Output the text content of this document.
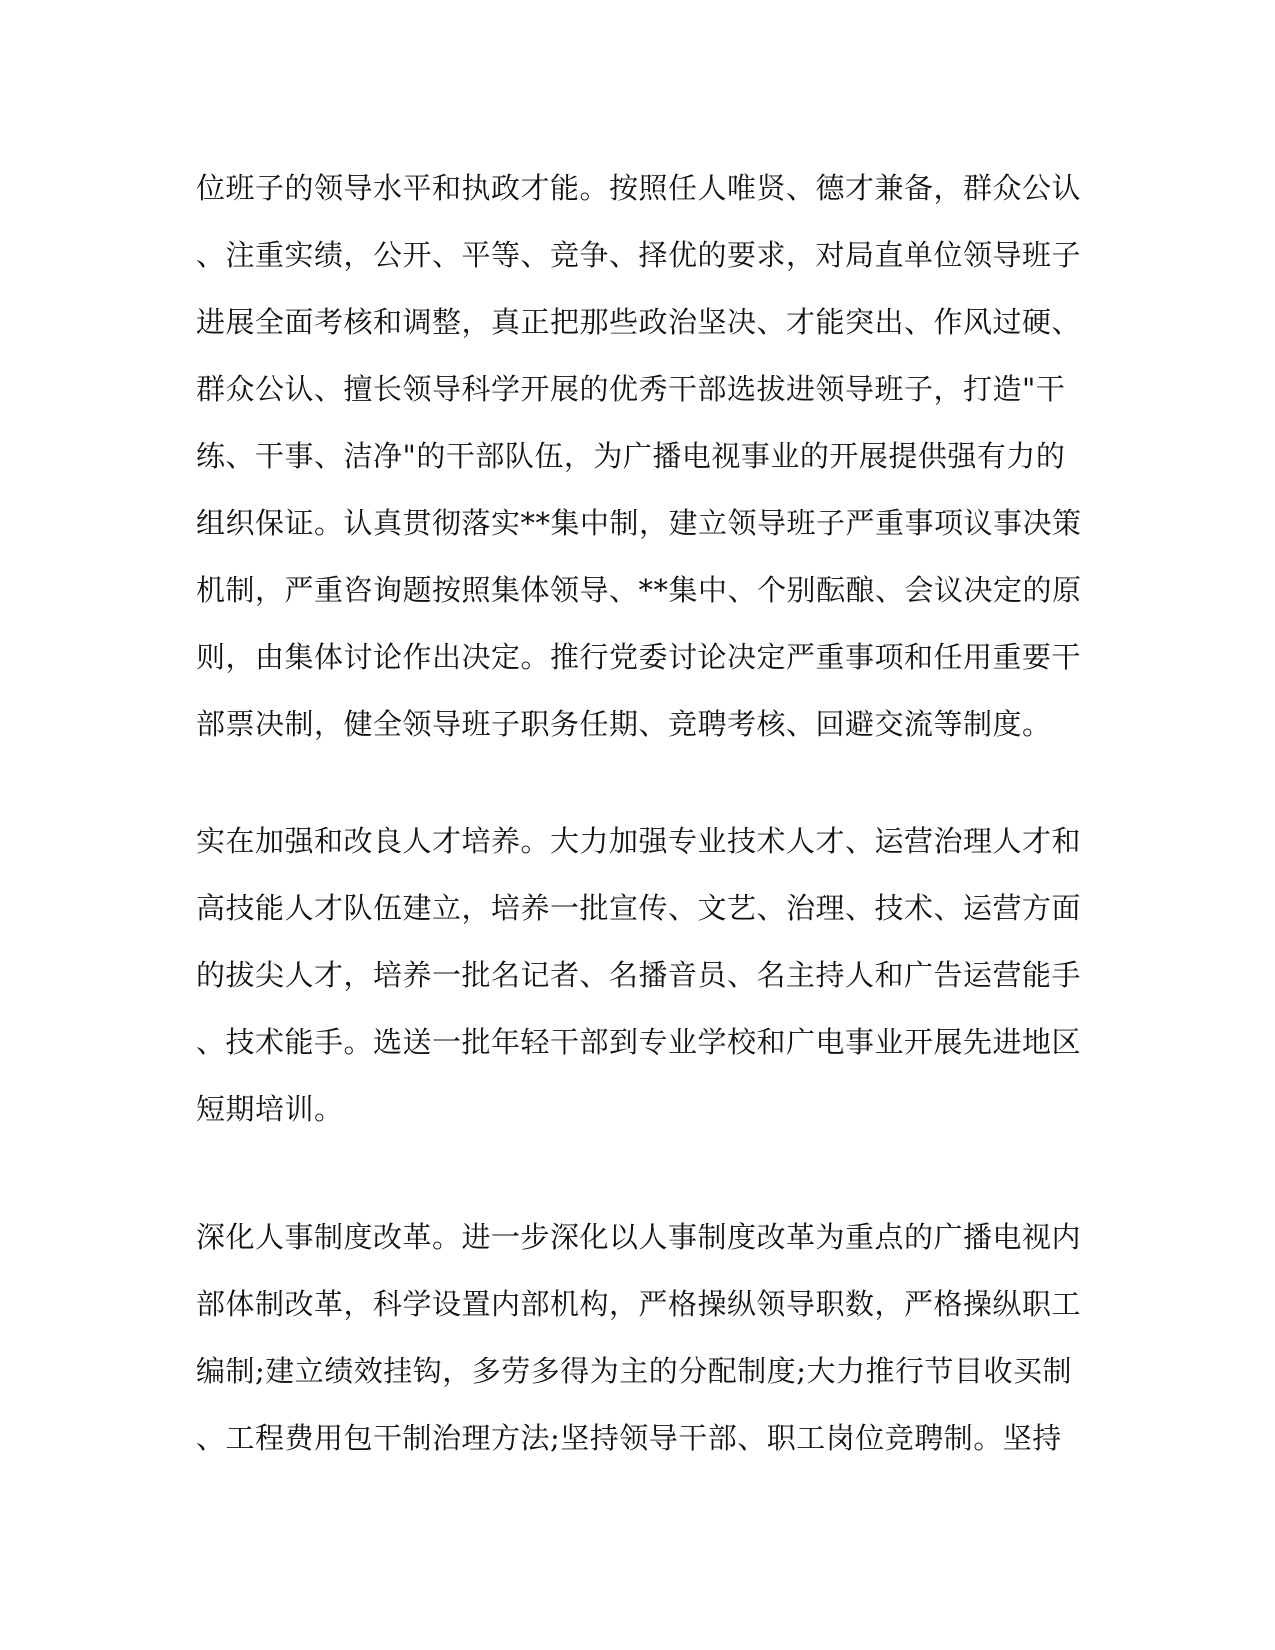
位班子的领导水平和执政才能。按照任人唯贤、德才兼备，群众公认
、注重实绩，公开、平等、竞争、择优的要求，对局直单位领导班子
进展全面考核和调整，真正把那些政治坚决、才能突出、作风过硬、
群众公认、擅长领导科学开展的优秀干部选拔进领导班子，打造"干
练、干事、洁净"的干部队伍，为广播电视事业的开展提供强有力的
组织保证。认真贯彻落实**集中制，建立领导班子严重事项议事决策
机制，严重咨询题按照集体领导、**集中、个别酝酿、会议决定的原
则，由集体讨论作出决定。推行党委讨论决定严重事项和任用重要干
部票决制，健全领导班子职务任期、竞聘考核、回避交流等制度。
实在加强和改良人才培养。大力加强专业技术人才、运营治理人才和
高技能人才队伍建立，培养一批宣传、文艺、治理、技术、运营方面
的拔尖人才，培养一批名记者、名播音员、名主持人和广告运营能手
、技术能手。选送一批年轻干部到专业学校和广电事业开展先进地区
短期培训。
深化人事制度改革。进一步深化以人事制度改革为重点的广播电视内
部体制改革，科学设置内部机构，严格操纵领导职数，严格操纵职工
编制;建立绩效挂钩，多劳多得为主的分配制度;大力推行节目收买制
、工程费用包干制治理方法;坚持领导干部、职工岗位竞聘制。坚持
